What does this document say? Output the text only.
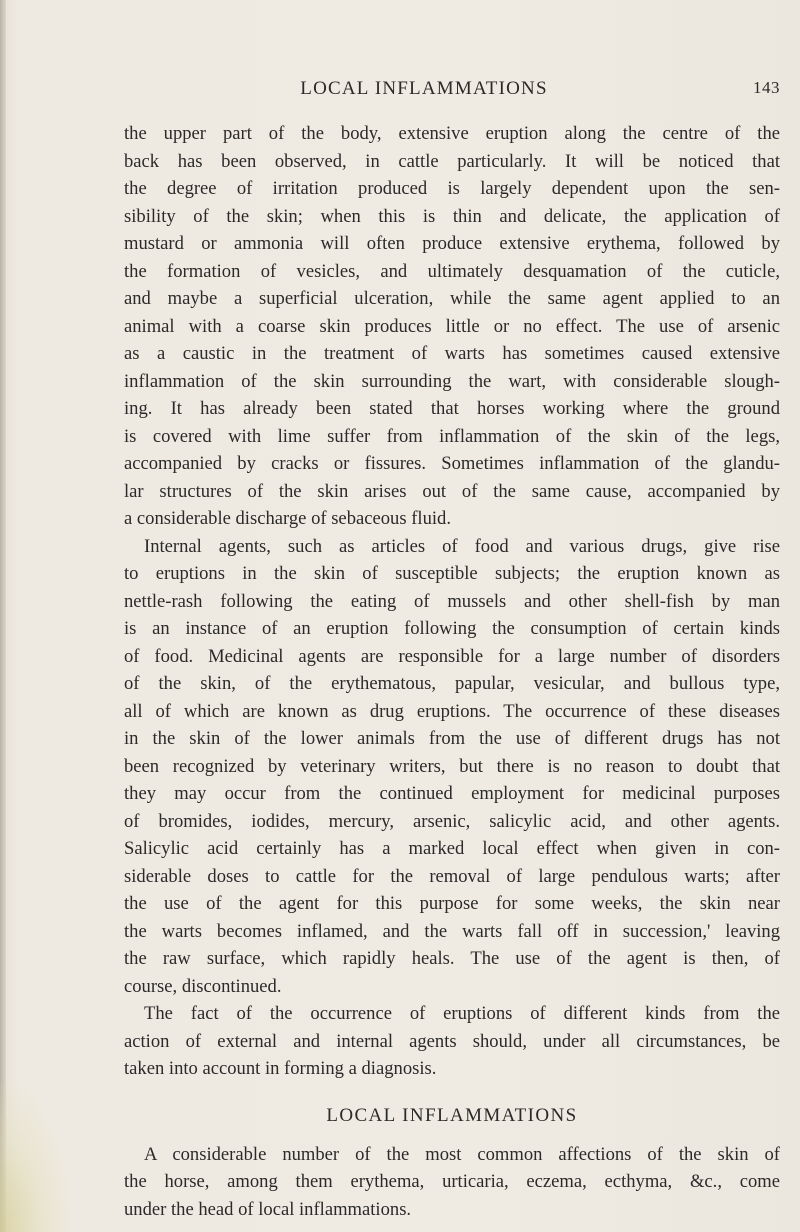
LOCAL INFLAMMATIONS	143
the upper part of the body, extensive eruption along the centre of the
back has been observed, in cattle particularly. It will be noticed that
the degree of irritation produced is largely dependent upon the sen-
sibility of the skin; when this is thin and delicate, the application of
mustard or ammonia will often produce extensive erythema, followed by
the formation of vesicles, and ultimately desquamation of the cuticle,
and maybe a superficial ulceration, while the same agent applied to an
animal with a coarse skin produces little or no effect. The use of arsenic
as a caustic in the treatment of warts has sometimes caused extensive
inflammation of the skin surrounding the wart, with considerable slough-
ing. It has already been stated that horses working where the ground
is covered with lime suffer from inflammation of the skin of the legs,
accompanied by cracks or fissures. Sometimes inflammation of the glandu-
lar structures of the skin arises out of the same cause, accompanied by
a considerable discharge of sebaceous fluid.
Internal agents, such as articles of food and various drugs, give rise
to eruptions in the skin of susceptible subjects; the eruption known as
nettle-rash following the eating of mussels and other shell-fish by man
is an instance of an eruption following the consumption of certain kinds
of food. Medicinal agents are responsible for a large number of disorders
of the skin, of the erythematous, papular, vesicular, and bullous type,
all of which are known as drug eruptions. The occurrence of these diseases
in the skin of the lower animals from the use of different drugs has not
been recognized by veterinary writers, but there is no reason to doubt that
they may occur from the continued employment for medicinal purposes
of bromides, iodides, mercury, arsenic, salicylic acid, and other agents.
Salicylic acid certainly has a marked local effect when given in con-
siderable doses to cattle for the removal of large pendulous warts; after
the use of the agent for this purpose for some weeks, the skin near
the warts becomes inflamed, and the warts fall off in succession,' leaving
the raw surface, which rapidly heals. The use of the agent is then, of
course, discontinued.
The fact of the occurrence of eruptions of different kinds from the
action of external and internal agents should, under all circumstances, be
taken into account in forming a diagnosis.
LOCAL INFLAMMATIONS
A considerable number of the most common affections of the skin of
the horse, among them erythema, urticaria, eczema, ecthyma, &c., come
under the head of local inflammations.
